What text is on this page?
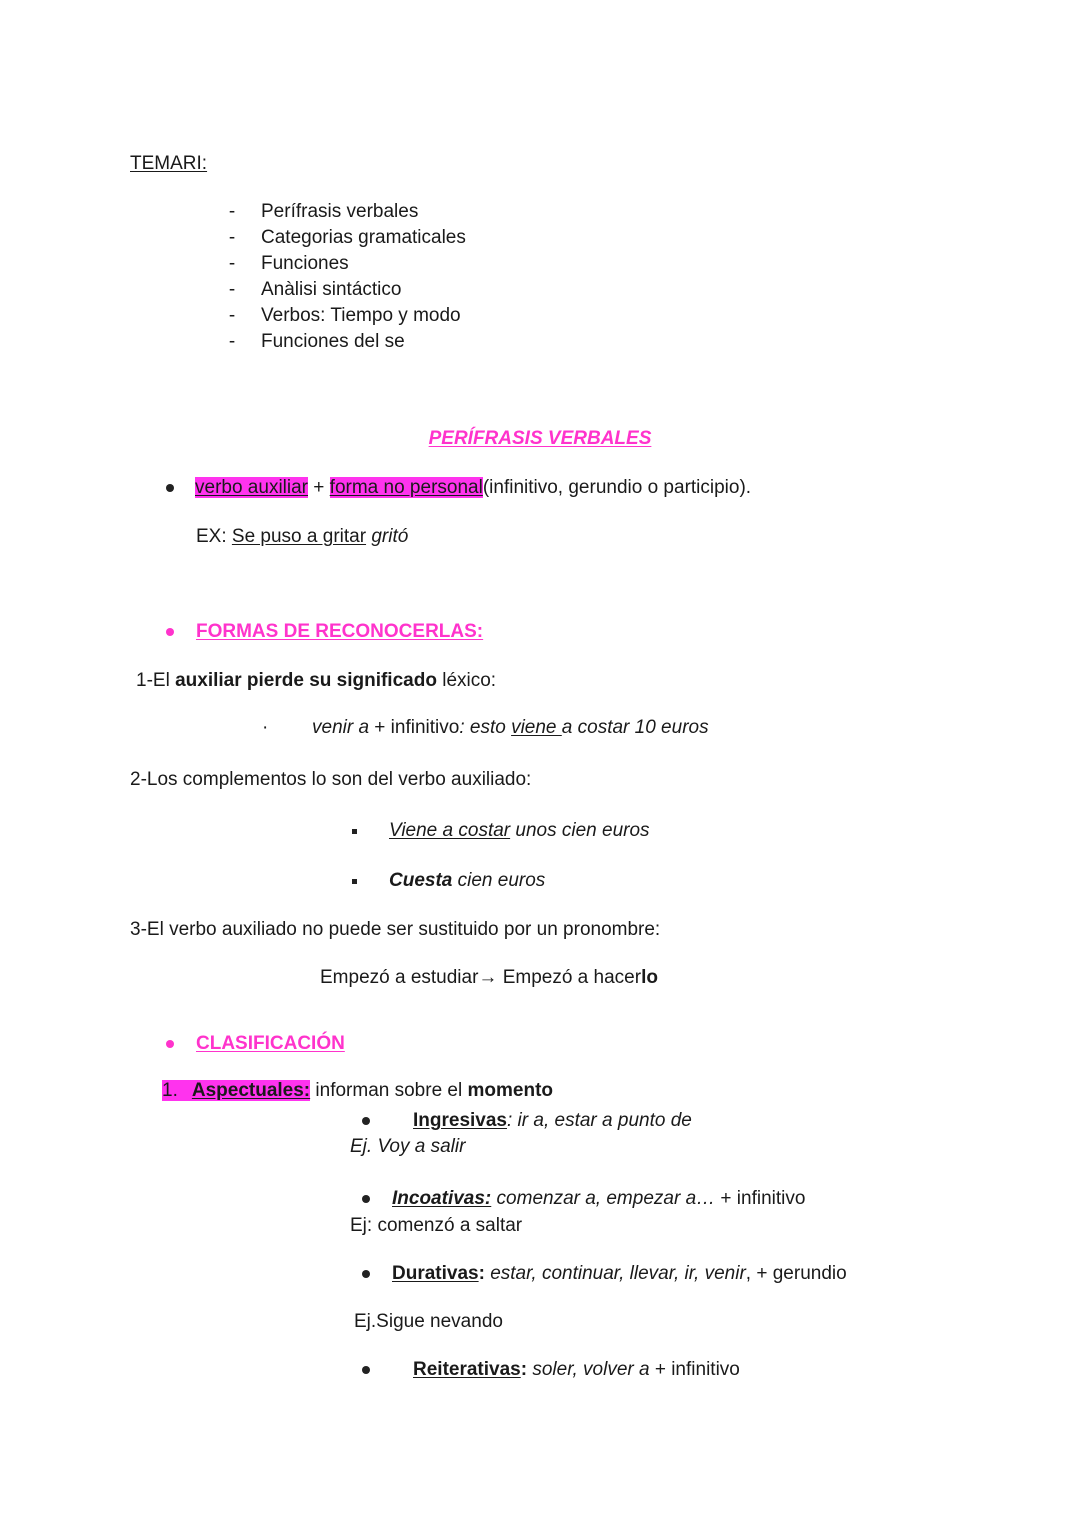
TEMARI:
- Perífrasis verbales
- Categorias gramaticales
- Funciones
- Anàlisi sintáctico
- Verbos: Tiempo y modo
- Funciones del se
PERÍFRASIS VERBALES
verbo auxiliar + forma no personal(infinitivo, gerundio o participio).
EX: Se puso a gritar gritó
FORMAS DE RECONOCERLAS:
1-El auxiliar pierde su significado léxico:
· venir a + infinitivo: esto viene a costar 10 euros
2-Los complementos lo son del verbo auxiliado:
Viene a costar unos cien euros
Cuesta cien euros
3-El verbo auxiliado no puede ser sustituido por un pronombre:
Empezó a estudiar→ Empezó a hacerlo
CLASIFICACIÓN
1. Aspectuales: informan sobre el momento
Ingresivas: ir a, estar a punto de
Ej. Voy a salir
Incoativas: comenzar a, empezar a… + infinitivo
Ej: comenzó a saltar
Durativas: estar, continuar, llevar, ir, venir, + gerundio
Ej.Sigue nevando
Reiterativas: soler, volver a + infinitivo
